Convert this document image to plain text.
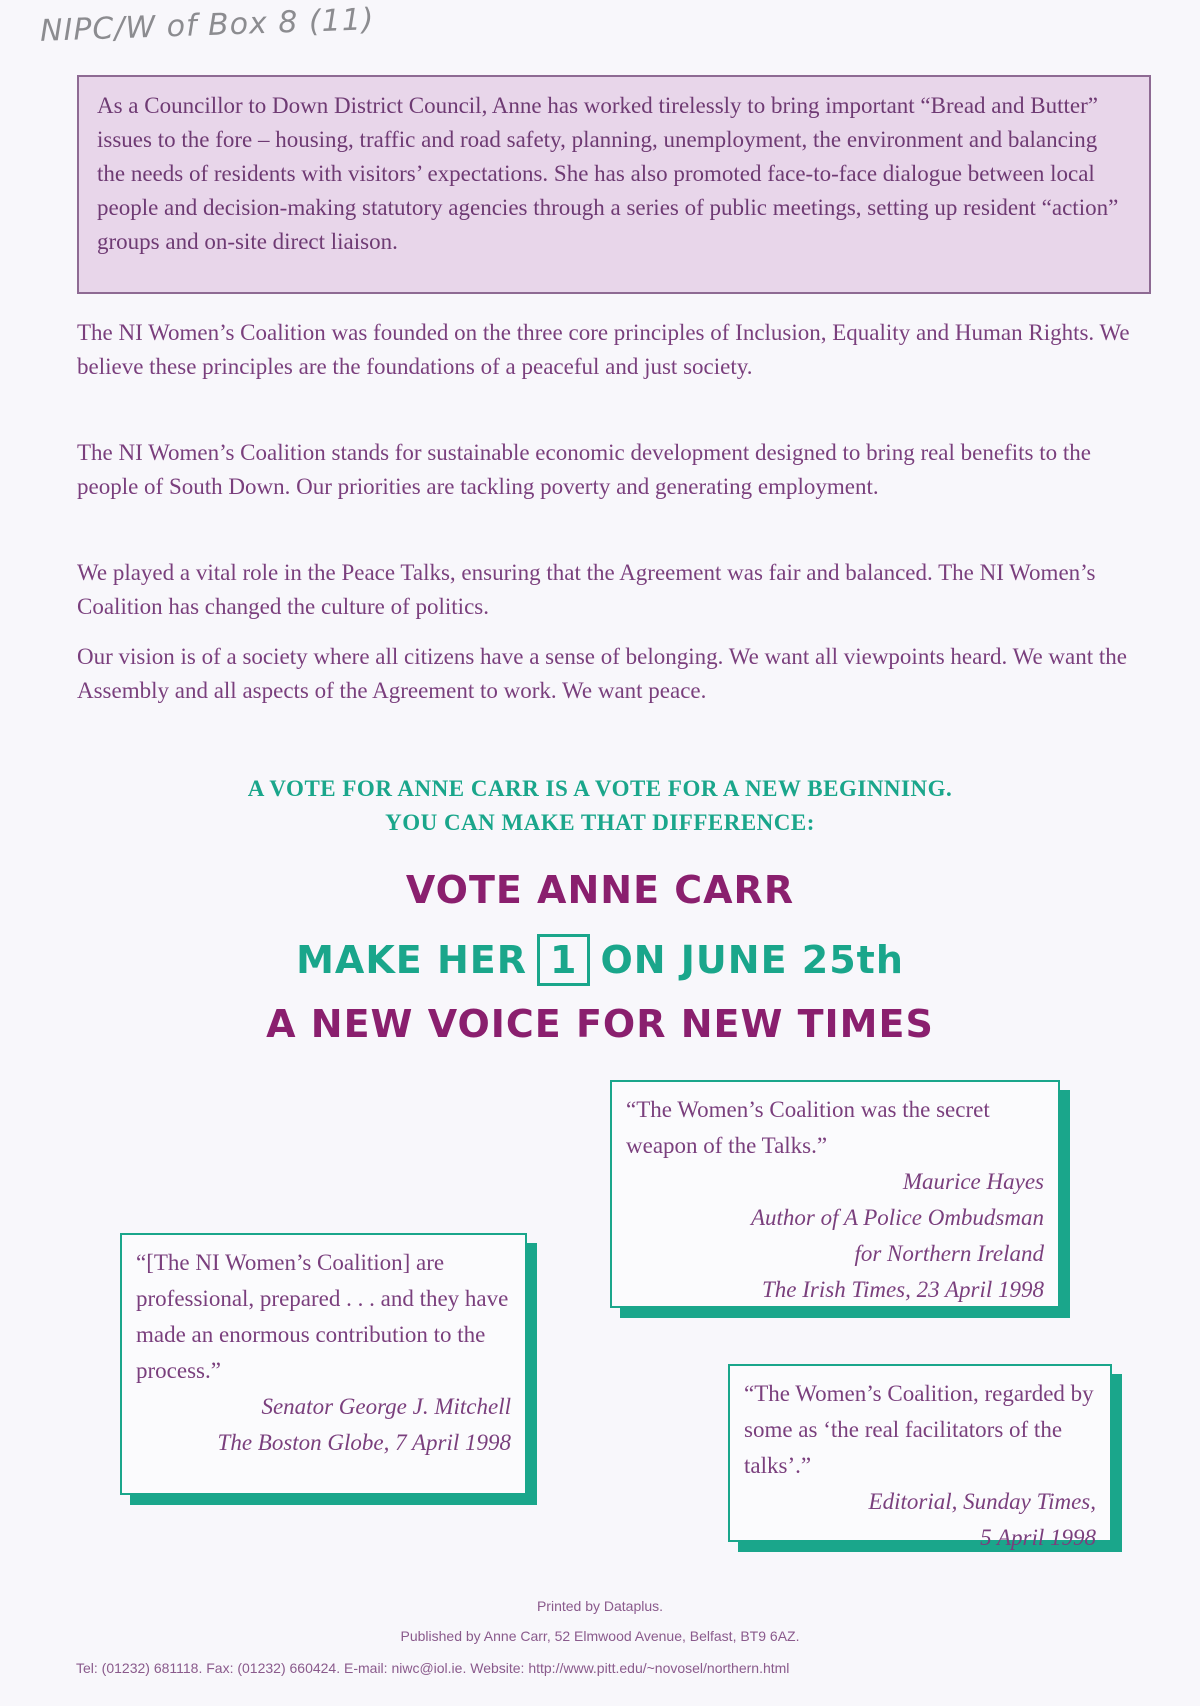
NIPC/W of Box 8 (11)
As a Councillor to Down District Council, Anne has worked tirelessly to bring important “Bread and Butter” issues to the fore – housing, traffic and road safety, planning, unemployment, the environment and balancing the needs of residents with visitors’ expectations. She has also promoted face-to-face dialogue between local people and decision-making statutory agencies through a series of public meetings, setting up resident “action” groups and on-site direct liaison.

The NI Women’s Coalition was founded on the three core principles of Inclusion, Equality and Human Rights. We believe these principles are the foundations of a peaceful and just society.

The NI Women’s Coalition stands for sustainable economic development designed to bring real benefits to the people of South Down. Our priorities are tackling poverty and generating employment.

We played a vital role in the Peace Talks, ensuring that the Agreement was fair and balanced. The NI Women’s Coalition has changed the culture of politics.

Our vision is of a society where all citizens have a sense of belonging. We want all viewpoints heard. We want the Assembly and all aspects of the Agreement to work. We want peace.

A VOTE FOR ANNE CARR IS A VOTE FOR A NEW BEGINNING.
YOU CAN MAKE THAT DIFFERENCE:
VOTE ANNE CARR
MAKE HER 1 ON JUNE 25th
A NEW VOICE FOR NEW TIMES
“The Women’s Coalition was the secret weapon of the Talks.”
Maurice Hayes
Author of A Police Ombudsman
for Northern Ireland
The Irish Times, 23 April 1998
“[The NI Women’s Coalition] are professional, prepared . . . and they have made an enormous contribution to the process.”
Senator George J. Mitchell
The Boston Globe, 7 April 1998
“The Women’s Coalition, regarded by some as ‘the real facilitators of the talks’.”
Editorial, Sunday Times,
5 April 1998
Printed by Dataplus.
Published by Anne Carr, 52 Elmwood Avenue, Belfast, BT9 6AZ.
Tel: (01232) 681118. Fax: (01232) 660424. E-mail: niwc@iol.ie. Website: http://www.pitt.edu/~novosel/northern.html
